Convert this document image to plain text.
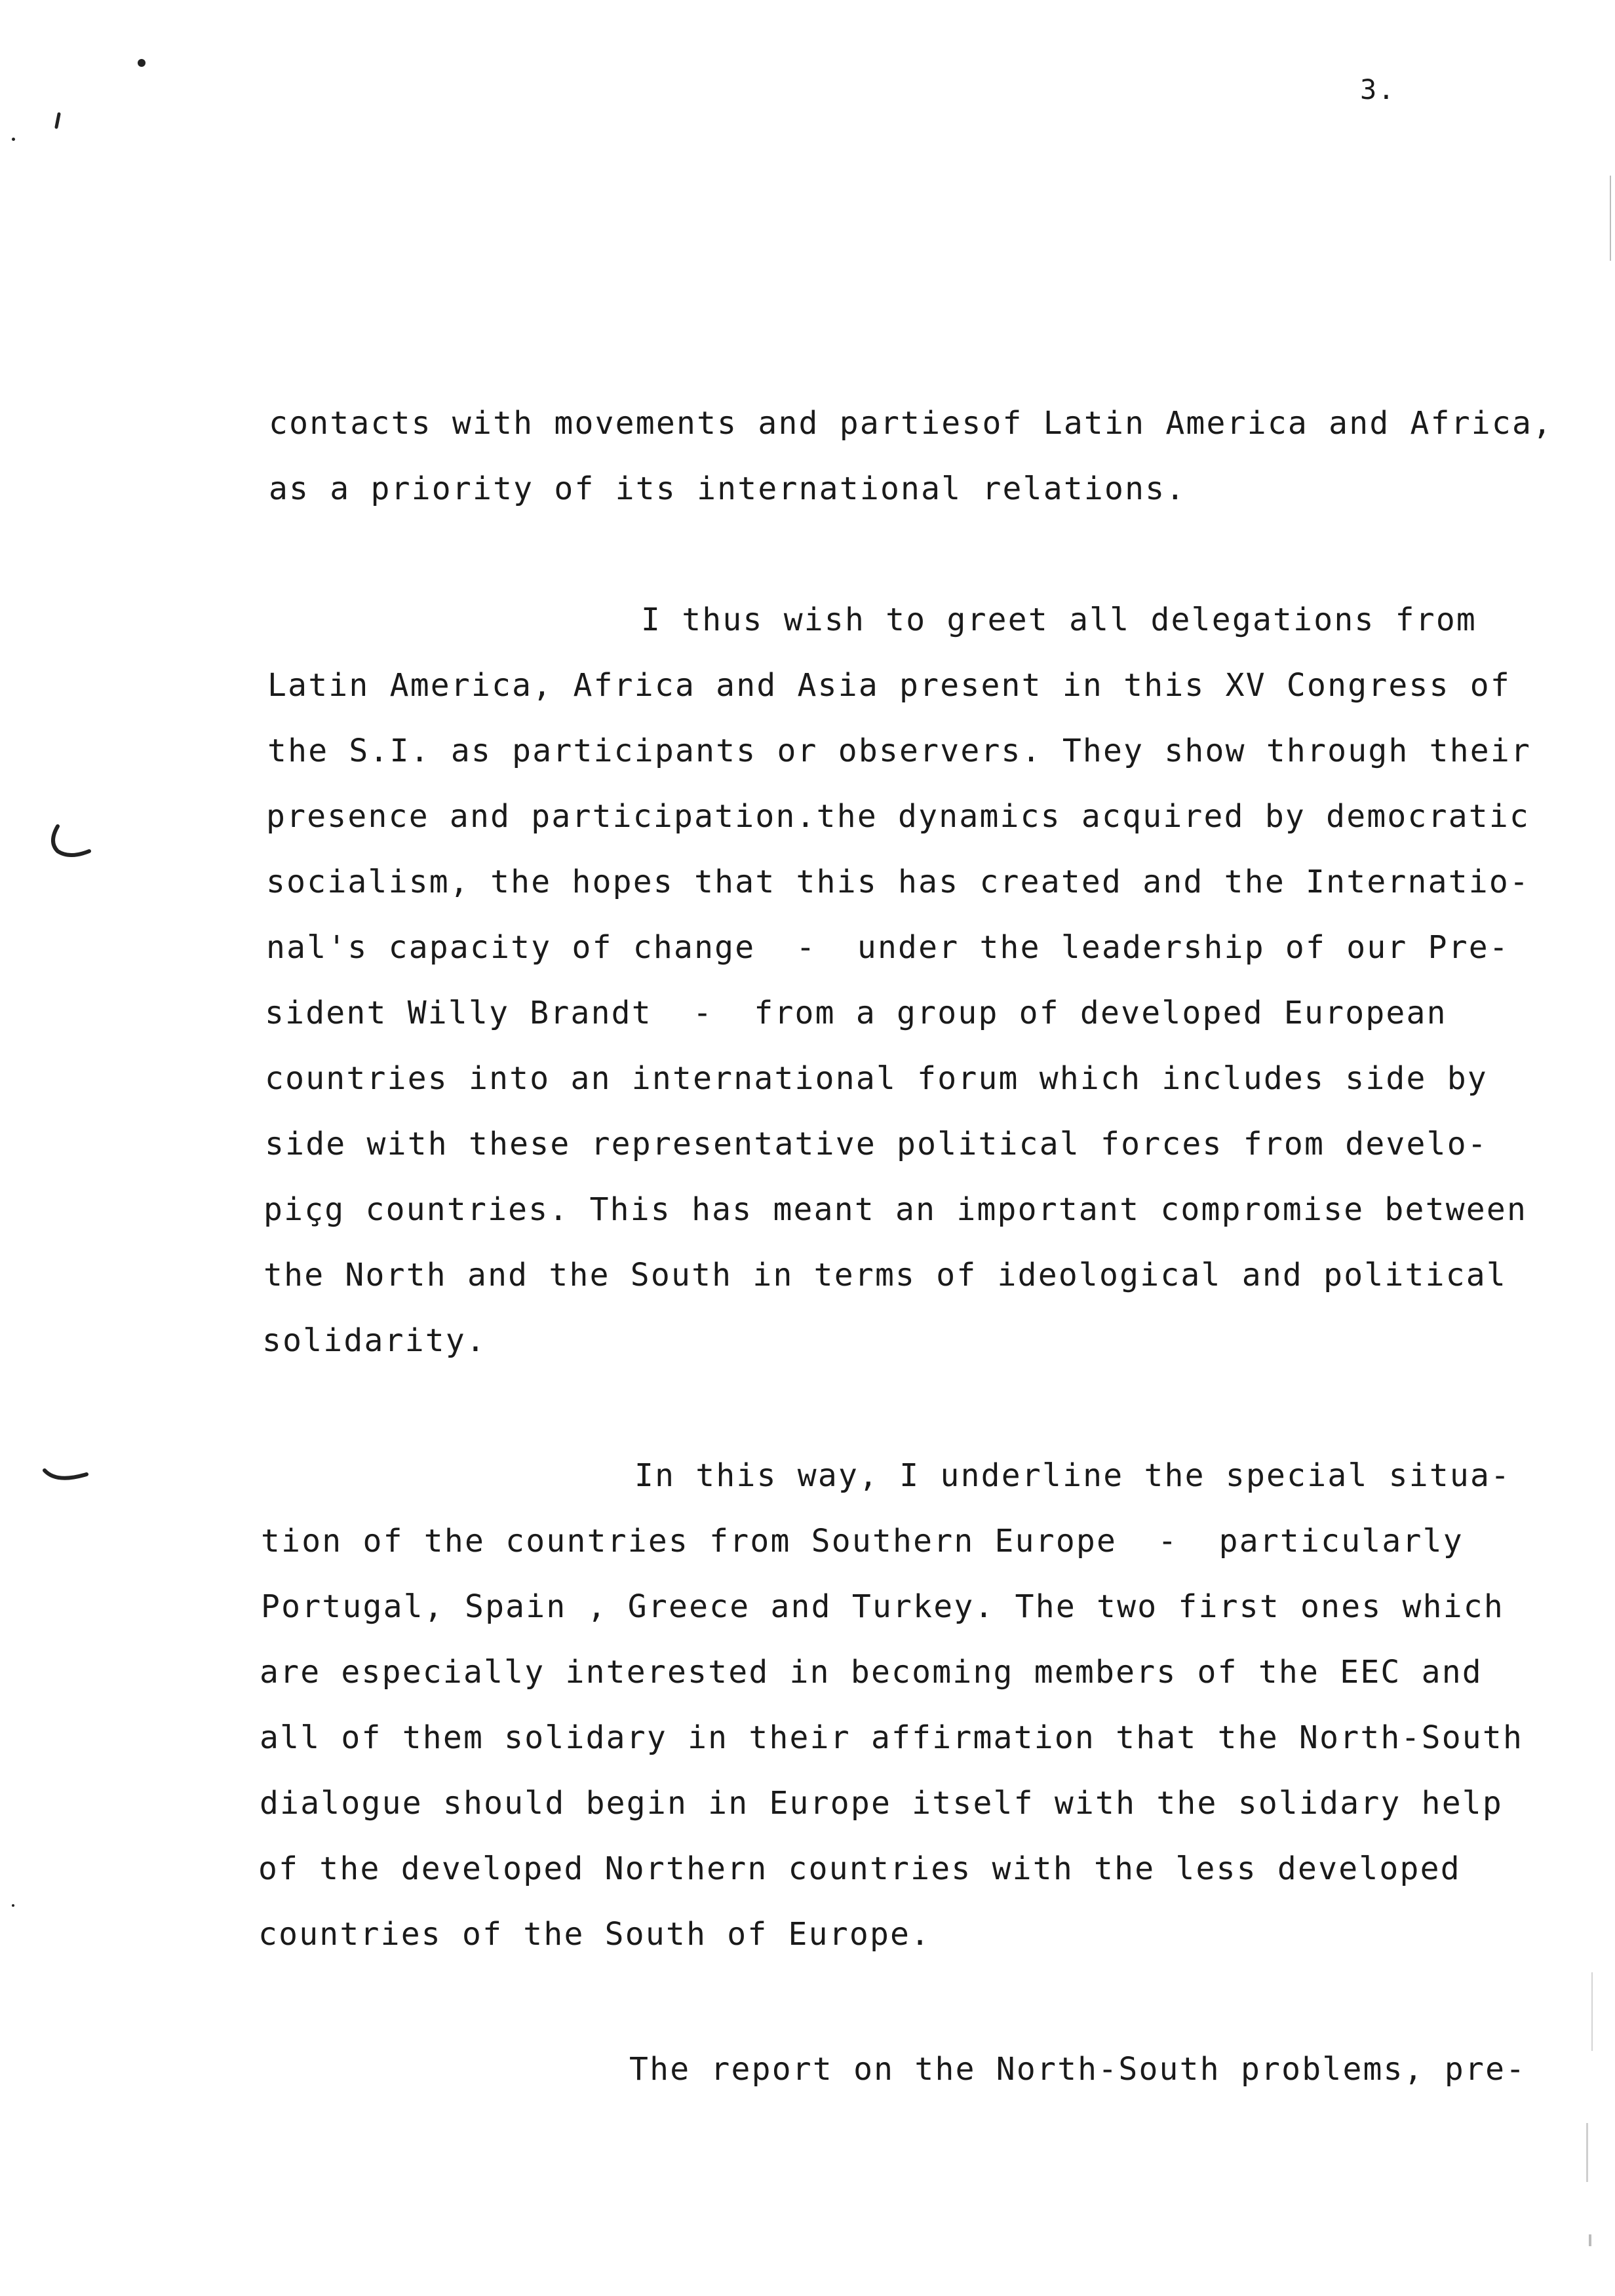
3.
contacts with movements and partiesof Latin America and Africa,
as a priority of its international relations.
I thus wish to greet all delegations from
Latin America, Africa and Asia present in this XV Congress of
the S.I. as participants or observers. They show through their
presence and participation.the dynamics acquired by democratic
socialism, the hopes that this has created and the Internatio-
nal's capacity of change  -  under the leadership of our Pre-
sident Willy Brandt  -  from a group of developed European
countries into an international forum which includes side by
side with these representative political forces from develo-
piçg countries. This has meant an important compromise between
the North and the South in terms of ideological and political
solidarity.
In this way, I underline the special situa-
tion of the countries from Southern Europe  -  particularly
Portugal, Spain , Greece and Turkey. The two first ones which
are especially interested in becoming members of the EEC and
all of them solidary in their affirmation that the North-South
dialogue should begin in Europe itself with the solidary help
of the developed Northern countries with the less developed
countries of the South of Europe.
The report on the North-South problems, pre-
